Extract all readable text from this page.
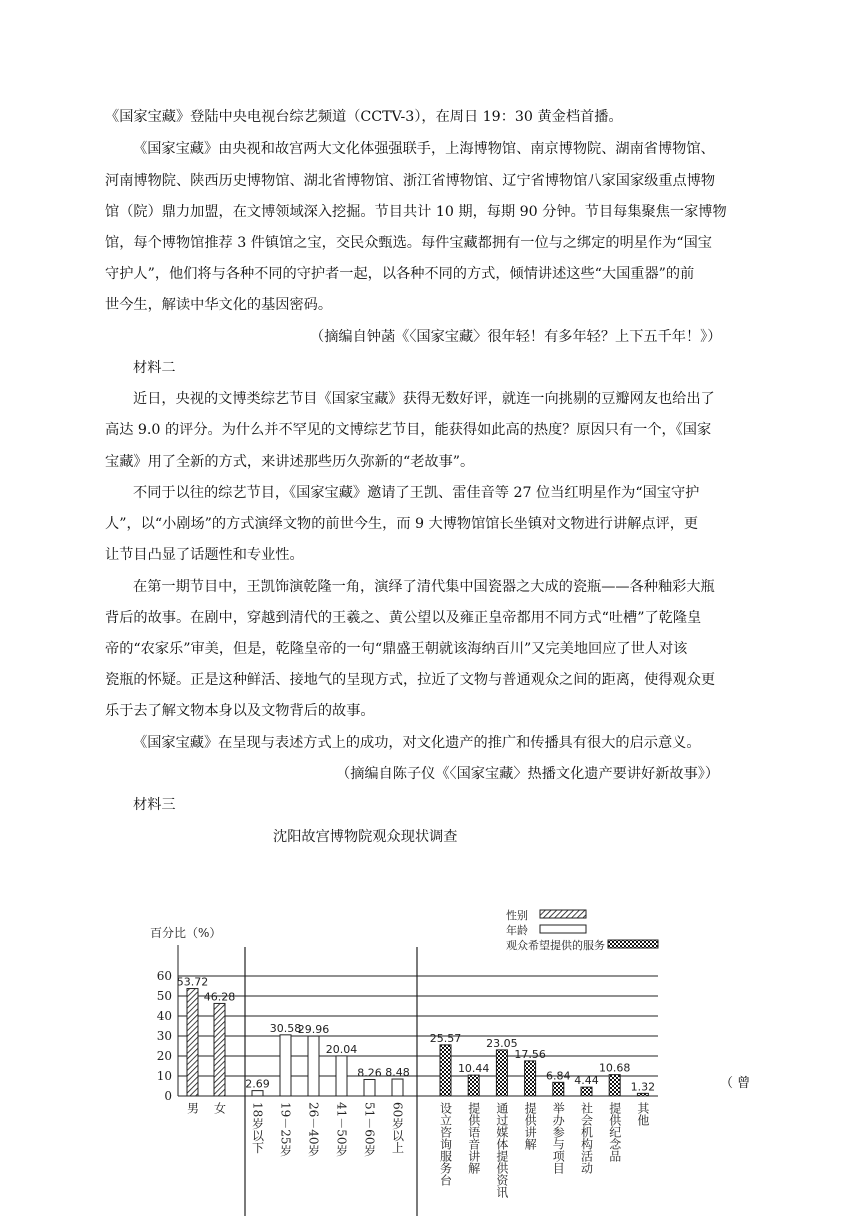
《国家宝藏》登陆中央电视台综艺频道（CCTV-3），在周日 19：30 黄金档首播。
《国家宝藏》由央视和故宫两大文化体强强联手，上海博物馆、南京博物院、湖南省博物馆、
河南博物院、陕西历史博物馆、湖北省博物馆、浙江省博物馆、辽宁省博物馆八家国家级重点博物
馆（院）鼎力加盟，在文博领域深入挖掘。节目共计 10 期，每期 90 分钟。节目每集聚焦一家博物
馆，每个博物馆推荐 3 件镇馆之宝，交民众甄选。每件宝藏都拥有一位与之绑定的明星作为“国宝
守护人”，他们将与各种不同的守护者一起，以各种不同的方式，倾情讲述这些“大国重器”的前
世今生，解读中华文化的基因密码。
（摘编自钟菡《〈国家宝藏〉很年轻！有多年轻？上下五千年！》）
材料二
近日，央视的文博类综艺节目《国家宝藏》获得无数好评，就连一向挑剔的豆瓣网友也给出了
高达 9.0 的评分。为什么并不罕见的文博综艺节目，能获得如此高的热度？原因只有一个，《国家
宝藏》用了全新的方式，来讲述那些历久弥新的“老故事”。
不同于以往的综艺节目，《国家宝藏》邀请了王凯、雷佳音等 27 位当红明星作为“国宝守护
人”，以“小剧场”的方式演绎文物的前世今生，而 9 大博物馆馆长坐镇对文物进行讲解点评，更
让节目凸显了话题性和专业性。
在第一期节目中，王凯饰演乾隆一角，演绎了清代集中国瓷器之大成的瓷瓶——各种釉彩大瓶
背后的故事。在剧中，穿越到清代的王羲之、黄公望以及雍正皇帝都用不同方式“吐槽”了乾隆皇
帝的“农家乐”审美，但是，乾隆皇帝的一句“鼎盛王朝就该海纳百川”又完美地回应了世人对该
瓷瓶的怀疑。正是这种鲜活、接地气的呈现方式，拉近了文物与普通观众之间的距离，使得观众更
乐于去了解文物本身以及文物背后的故事。
《国家宝藏》在呈现与表述方式上的成功，对文化遗产的推广和传播具有很大的启示意义。
（摘编自陈子仪《〈国家宝藏〉热播文化遗产要讲好新故事》）
材料三
沈阳故宫博物院观众现状调查
百分比（%）
0
10
20
30
40
50
60 53.72
男
46.28
女
2.69
18岁以下
30.58
19－25岁
29.96
26－40岁
20.04
41－50岁
8.26
51－60岁
8.48
60岁以上
25.57
设立咨询服务台
10.44
提供语音讲解
23.05
通过媒体提供资讯
17.56
提供讲解
6.84
举办参与项目
4.44
社会机构活动
10.68
提供纪念品
1.32
其他
性别
年龄
观众希望提供的服务
（ 曾
